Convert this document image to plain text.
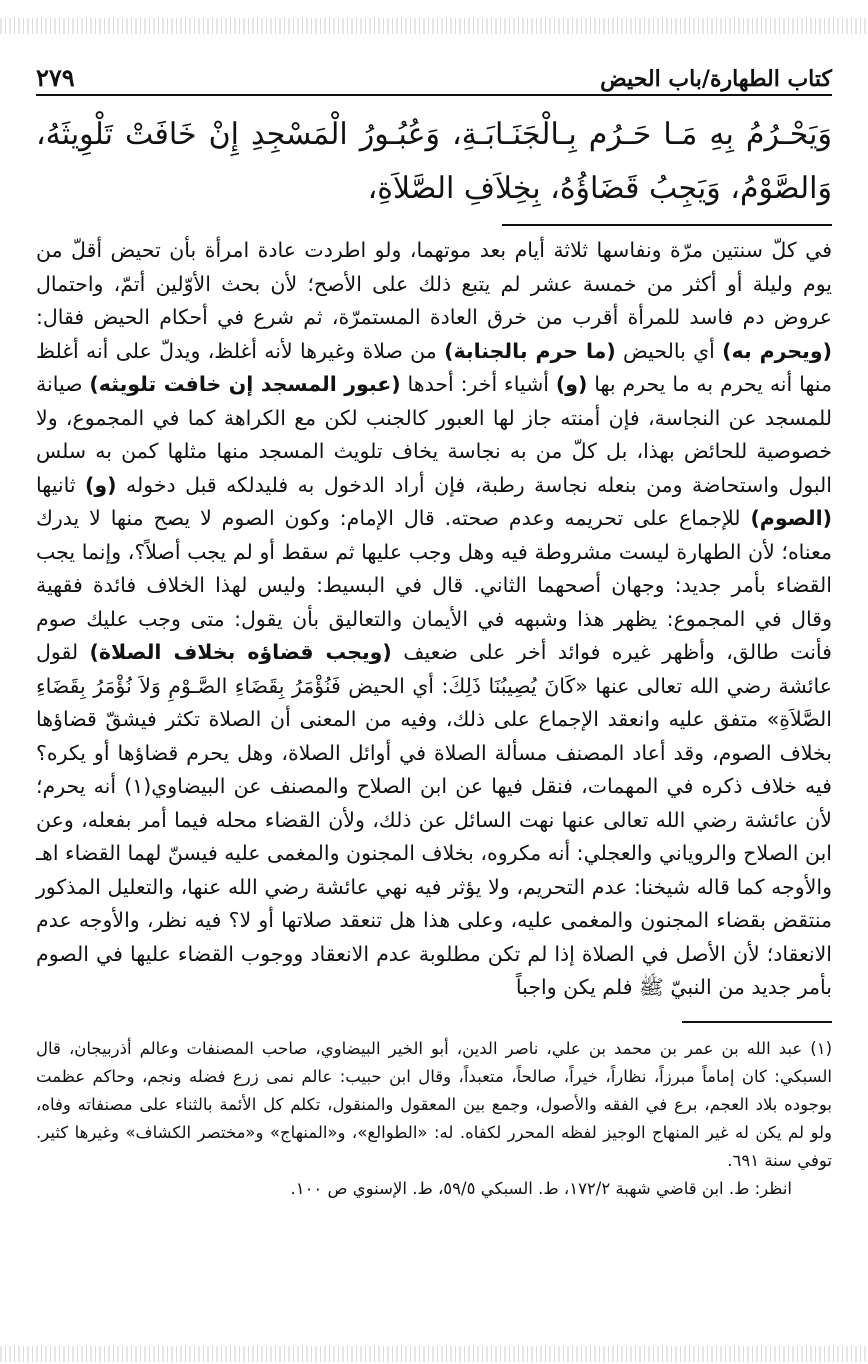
كتاب الطهارة/باب الحيض
٢٧٩
وَيَحْـرُمُ بِهِ مَـا حَـرُم بِـالْجَنَـابَـةِ، وَعُبُـورُ الْمَسْجِدِ إِنْ خَافَتْ تَلْوِيثَهُ، وَالصَّوْمُ، وَيَجِبُ قَضَاؤُهُ، بِخِلاَفِ الصَّلاَةِ،
في كلّ سنتين مرّة ونفاسها ثلاثة أيام بعد موتهما، ولو اطردت عادة امرأة بأن تحيض أقلّ من يوم وليلة أو أكثر من خمسة عشر لم يتبع ذلك على الأصح؛ لأن بحث الأوّلين أتمّ، واحتمال عروض دم فاسد للمرأة أقرب من خرق العادة المستمرّة، ثم شرع في أحكام الحيض فقال: (ويحرم به) أي بالحيض (ما حرم بالجنابة) من صلاة وغيرها لأنه أغلظ، ويدلّ على أنه أغلظ منها أنه يحرم به ما يحرم بها (و) أشياء أخر: أحدها (عبور المسجد إن خافت تلويثه) صيانة للمسجد عن النجاسة، فإن أمنته جاز لها العبور كالجنب لكن مع الكراهة كما في المجموع، ولا خصوصية للحائض بهذا، بل كلّ من به نجاسة يخاف تلويث المسجد منها مثلها كمن به سلس البول واستحاضة ومن بنعله نجاسة رطبة، فإن أراد الدخول به فليدلكه قبل دخوله (و) ثانيها (الصوم) للإجماع على تحريمه وعدم صحته. قال الإمام: وكون الصوم لا يصح منها لا يدرك معناه؛ لأن الطهارة ليست مشروطة فيه وهل وجب عليها ثم سقط أو لم يجب أصلاً؟، وإنما يجب القضاء بأمر جديد: وجهان أصحهما الثاني. قال في البسيط: وليس لهذا الخلاف فائدة فقهية وقال في المجموع: يظهر هذا وشبهه في الأيمان والتعاليق بأن يقول: متى وجب عليك صوم فأنت طالق، وأظهر غيره فوائد أخر على ضعيف (ويجب قضاؤه بخلاف الصلاة) لقول عائشة رضي الله تعالى عنها «كَانَ يُصِيبُنَا ذَلِكَ: أي الحيض فَنُؤْمَرُ بِقَضَاءِ الصَّـوْمِ وَلاَ نُؤْمَرُ بِقَضَاءِ الصَّلاَةِ» متفق عليه وانعقد الإجماع على ذلك، وفيه من المعنى أن الصلاة تكثر فيشقّ قضاؤها بخلاف الصوم، وقد أعاد المصنف مسألة الصلاة في أوائل الصلاة، وهل يحرم قضاؤها أو يكره؟ فيه خلاف ذكره في المهمات، فنقل فيها عن ابن الصلاح والمصنف عن البيضاوي(١) أنه يحرم؛ لأن عائشة رضي الله تعالى عنها نهت السائل عن ذلك، ولأن القضاء محله فيما أمر بفعله، وعن ابن الصلاح والروياني والعجلي: أنه مكروه، بخلاف المجنون والمغمى عليه فيسنّ لهما القضاء اهـ والأوجه كما قاله شيخنا: عدم التحريم، ولا يؤثر فيه نهي عائشة رضي الله عنها، والتعليل المذكور منتقض بقضاء المجنون والمغمى عليه، وعلى هذا هل تنعقد صلاتها أو لا؟ فيه نظر، والأوجه عدم الانعقاد؛ لأن الأصل في الصلاة إذا لم تكن مطلوبة عدم الانعقاد ووجوب القضاء عليها في الصوم بأمر جديد من النبيّ ﷺ فلم يكن واجباً
(١)عبد الله بن عمر بن محمد بن علي، ناصر الدين، أبو الخير البيضاوي، صاحب المصنفات وعالم أذربيجان، قال السبكي: كان إماماً مبرزاً، نظاراً، خيراً، صالحاً، متعبداً، وقال ابن حبيب: عالم نمى زرع فضله ونجم، وحاكم عظمت بوجوده بلاد العجم، برع في الفقه والأصول، وجمع بين المعقول والمنقول، تكلم كل الأئمة بالثناء على مصنفاته وفاه، ولو لم يكن له غير المنهاج الوجيز لفظه المحرر لكفاه. له: «الطوالع»، و«المنهاج» و«مختصر الكشاف» وغيرها كثير. توفي سنة ٦٩١.
انظر: ط. ابن قاضي شهبة ١٧٢/٢، ط. السبكي ٥٩/٥، ط. الإسنوي ص ١٠٠.
